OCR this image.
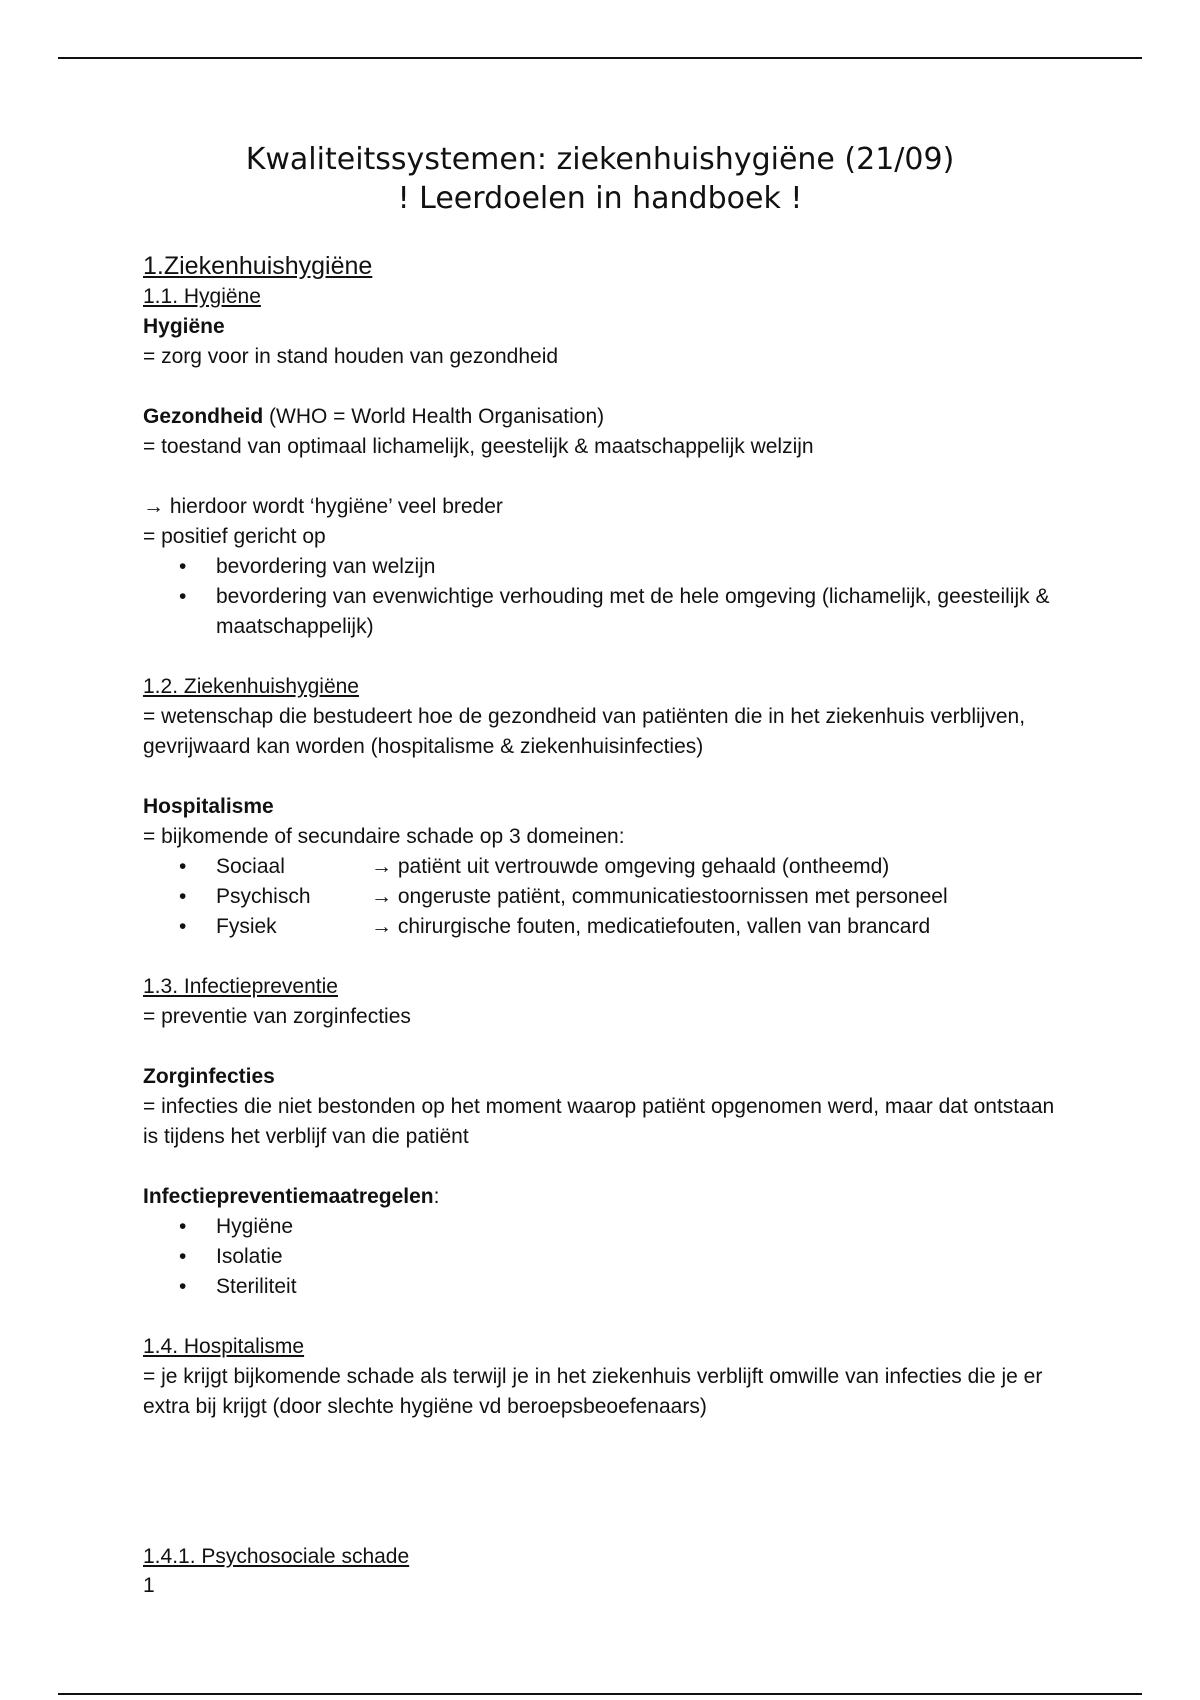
Kwaliteitssystemen: ziekenhuishygiëne (21/09)
! Leerdoelen in handboek !
1.Ziekenhuishygiëne
1.1. Hygiëne
Hygiëne
= zorg voor in stand houden van gezondheid
Gezondheid (WHO = World Health Organisation)
= toestand van optimaal lichamelijk, geestelijk & maatschappelijk welzijn
→ hierdoor wordt ‘hygiëne’ veel breder
= positief gericht op
• bevordering van welzijn
• bevordering van evenwichtige verhouding met de hele omgeving (lichamelijk, geesteilijk & maatschappelijk)
1.2. Ziekenhuishygiëne
= wetenschap die bestudeert hoe de gezondheid van patiënten die in het ziekenhuis verblijven, gevrijwaard kan worden (hospitalisme & ziekenhuisinfecties)
Hospitalisme
= bijkomende of secundaire schade op 3 domeinen:
• Sociaal	→ patiënt uit vertrouwde omgeving gehaald (ontheemd)
• Psychisch	→ ongeruste patiënt, communicatiestoornissen met personeel
• Fysiek	→ chirurgische fouten, medicatiefouten, vallen van brancard
1.3. Infectiepreventie
= preventie van zorginfecties
Zorginfecties
= infecties die niet bestonden op het moment waarop patiënt opgenomen werd, maar dat ontstaan is tijdens het verblijf van die patiënt
Infectiepreventiemaatregelen:
• Hygiëne
• Isolatie
• Steriliteit
1.4. Hospitalisme
= je krijgt bijkomende schade als terwijl je in het ziekenhuis verblijft omwille van infecties die je er extra bij krijgt (door slechte hygiëne vd beroepsbeoefenaars)
1.4.1. Psychosociale schade
1
